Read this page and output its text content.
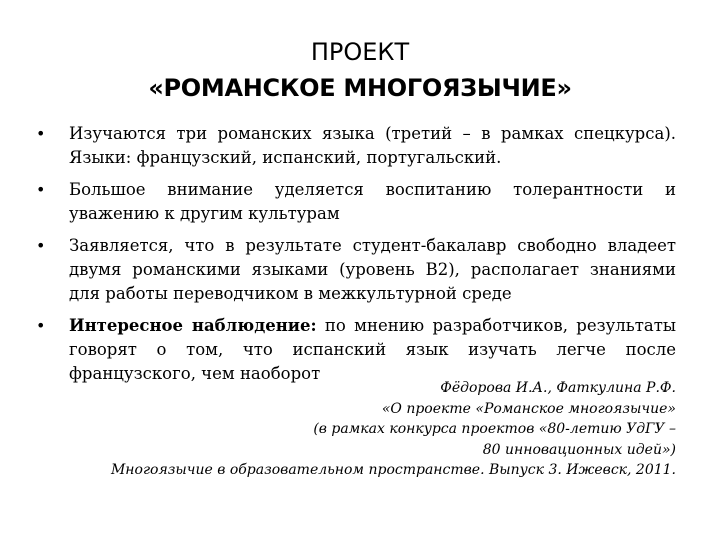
ПРОЕКТ
«РОМАНСКОЕ МНОГОЯЗЫЧИЕ»
• Изучаются три романских языка (третий – в рамках спецкурса). Языки: французский, испанский, португальский.
• Большое внимание уделяется воспитанию толерантности и уважению к другим культурам
• Заявляется, что в результате студент-бакалавр свободно владеет двумя романскими языками (уровень В2), располагает знаниями для работы переводчиком в межкультурной среде
• Интересное наблюдение: по мнению разработчиков, результаты говорят о том, что испанский язык изучать легче после французского, чем наоборот
Фёдорова И.А., Фаткулина Р.Ф.
«О проекте «Романское многоязычие»
(в рамках конкурса проектов «80-летию УдГУ –
80 инновационных идей»)
Многоязычие в образовательном пространстве. Выпуск 3. Ижевск, 2011.
